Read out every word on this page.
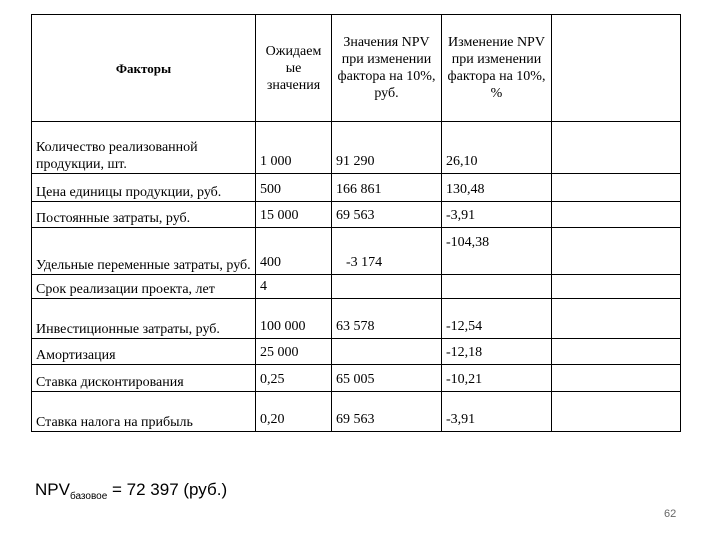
Факторы	Ожидаем ые значения	Значения NPV при изменении фактора на 10%, руб.	Изменение NPV при изменении фактора на 10%, %	
Количество реализованной продукции, шт.	1 000	91 290	26,10	
Цена единицы продукции, руб.	500	166 861	130,48	
Постоянные затраты, руб.	15 000	69 563	-3,91	
Удельные переменные затраты, руб.	400	-3 174	-104,38	
Срок реализации проекта, лет	4			
Инвестиционные затраты, руб.	100 000	63 578	-12,54	
Амортизация	25 000		-12,18	
Ставка дисконтирования	0,25	65 005	-10,21	
Ставка налога на прибыль	0,20	69 563	-3,91	
$NPV_{базовое} = 72$ 397 (руб.)
62
